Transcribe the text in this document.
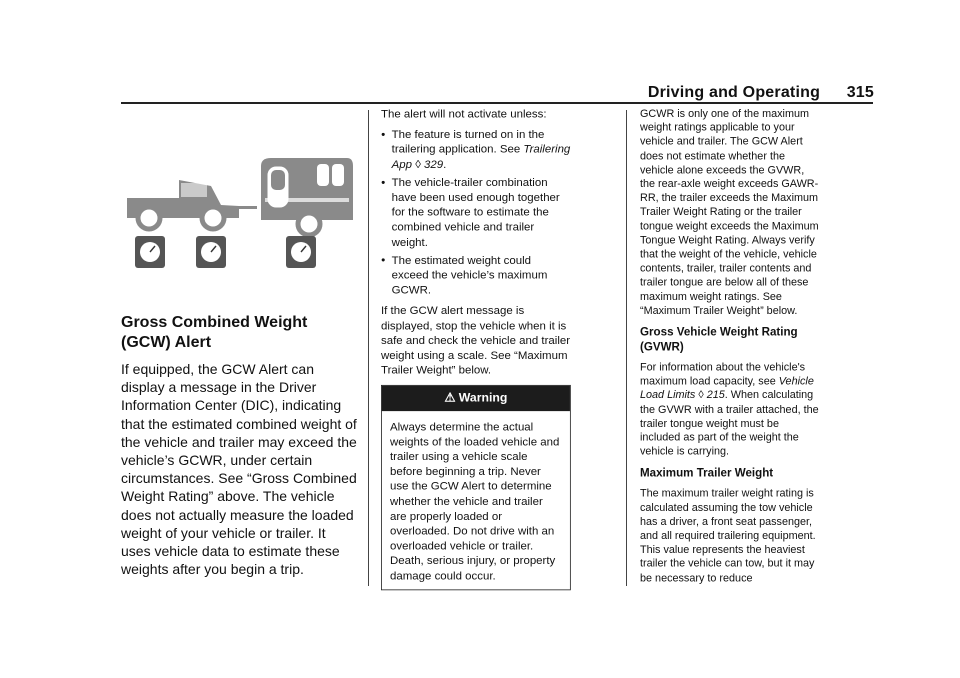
Driving and Operating 315
Gross Combined Weight (GCW) Alert

If equipped, the GCW Alert can display a message in the Driver Information Center (DIC), indicating that the estimated combined weight of the vehicle and trailer may exceed the vehicle’s GCWR, under certain circumstances. See “Gross Combined Weight Rating” above. The vehicle does not actually measure the loaded weight of your vehicle or trailer. It uses vehicle data to estimate these weights after you begin a trip.

The alert will not activate unless:

● The feature is turned on in the trailering application. See Trailering App ◊ 329.
● The vehicle-trailer combination have been used enough together for the software to estimate the combined vehicle and trailer weight.
● The estimated weight could exceed the vehicle’s maximum GCWR.

If the GCW alert message is displayed, stop the vehicle when it is safe and check the vehicle and trailer weight using a scale. See “Maximum Trailer Weight” below.

⚠ Warning
Always determine the actual weights of the loaded vehicle and trailer using a vehicle scale before beginning a trip. Never use the GCW Alert to determine whether the vehicle and trailer are properly loaded or overloaded. Do not drive with an overloaded vehicle or trailer. Death, serious injury, or property damage could occur.

GCWR is only one of the maximum weight ratings applicable to your vehicle and trailer. The GCW Alert does not estimate whether the vehicle alone exceeds the GVWR, the rear-axle weight exceeds GAWR-RR, the trailer exceeds the Maximum Trailer Weight Rating or the trailer tongue weight exceeds the Maximum Tongue Weight Rating. Always verify that the weight of the vehicle, vehicle contents, trailer, trailer contents and trailer tongue are below all of these maximum weight ratings. See “Maximum Trailer Weight” below.

Gross Vehicle Weight Rating (GVWR)

For information about the vehicle's maximum load capacity, see Vehicle Load Limits ◊ 215. When calculating the GVWR with a trailer attached, the trailer tongue weight must be included as part of the weight the vehicle is carrying.

Maximum Trailer Weight

The maximum trailer weight rating is calculated assuming the tow vehicle has a driver, a front seat passenger, and all required trailering equipment. This value represents the heaviest trailer the vehicle can tow, but it may be necessary to reduce
